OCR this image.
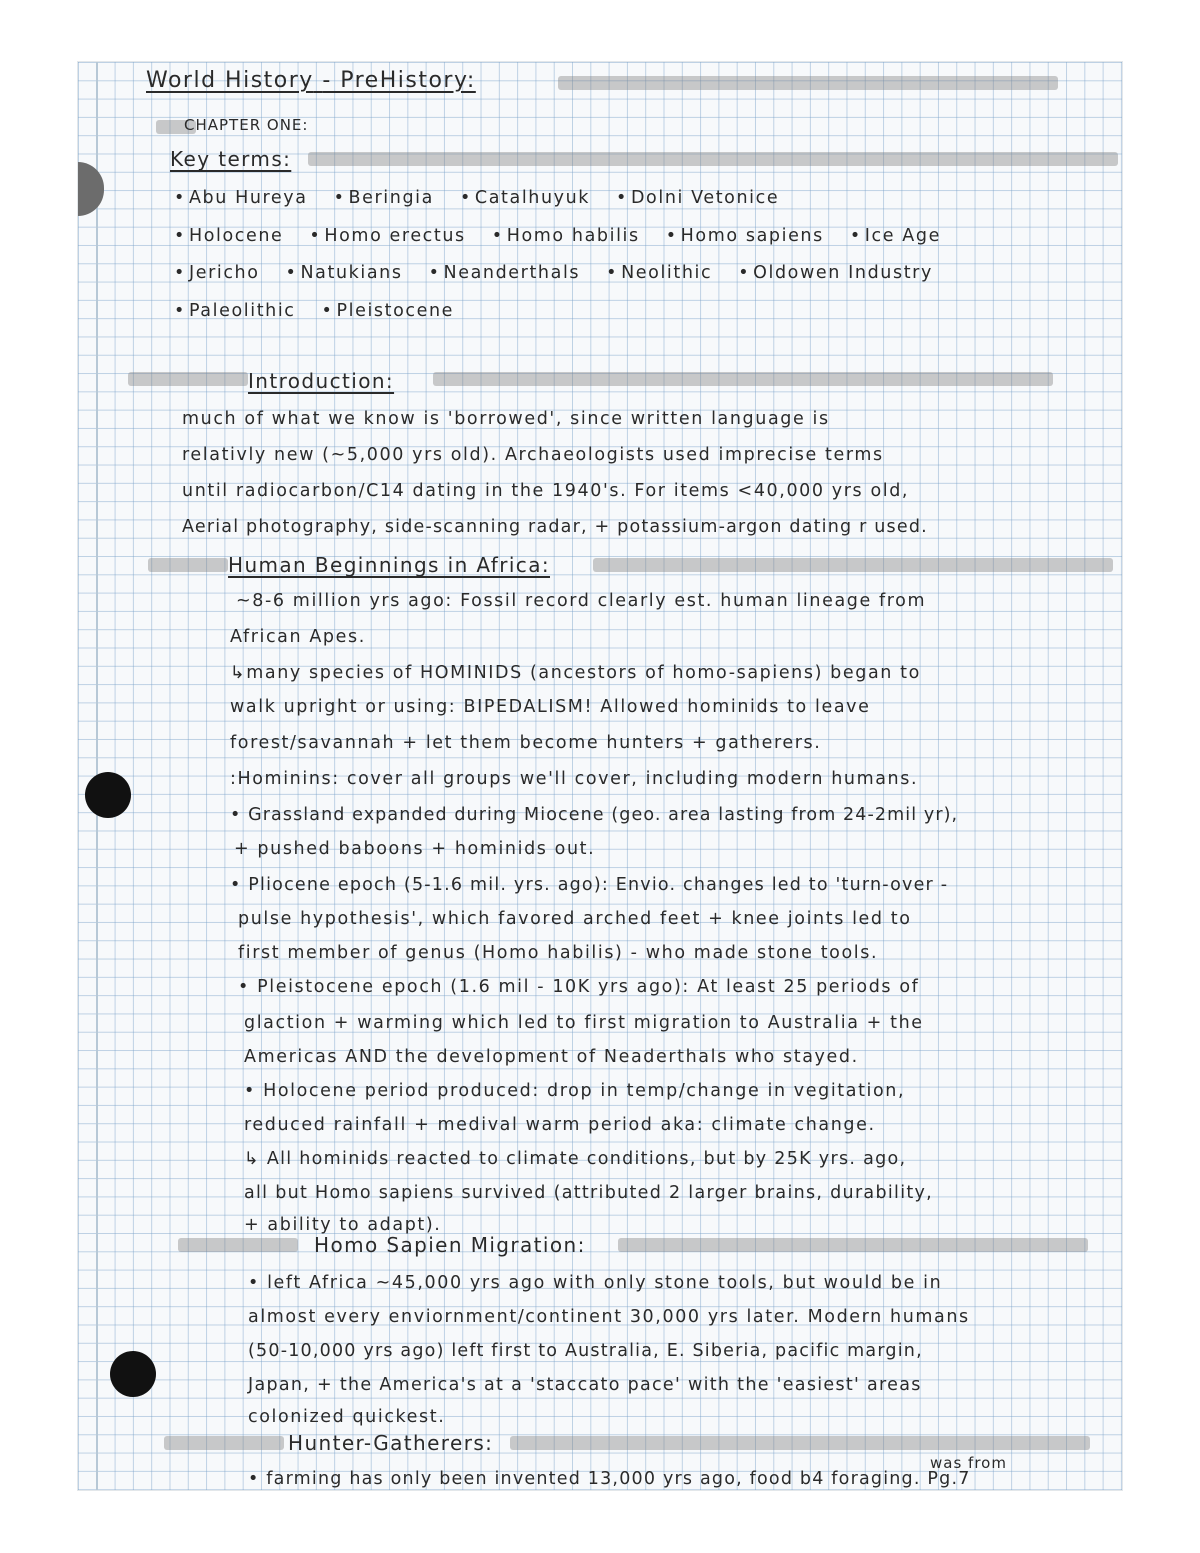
World History - PreHistory:
CHAPTER ONE:
Key terms:
• Abu Hureya • Beringia • Catalhuyuk • Dolni Vetonice
• Holocene • Homo erectus • Homo habilis • Homo sapiens • Ice Age
• Jericho • Natukians • Neanderthals • Neolithic • Oldowen Industry
• Paleolithic • Pleistocene
Introduction:
much of what we know is 'borrowed', since written language is
relativly new (~5,000 yrs old). Archaeologists used imprecise terms
until radiocarbon/C14 dating in the 1940's. For items <40,000 yrs old,
Aerial photography, side-scanning radar, + potassium-argon dating r used.
Human Beginnings in Africa:
~8-6 million yrs ago: Fossil record clearly est. human lineage from
African Apes.
↳many species of HOMINIDS (ancestors of homo-sapiens) began to
walk upright or using: BIPEDALISM! Allowed hominids to leave
forest/savannah + let them become hunters + gatherers.
:Hominins: cover all groups we'll cover, including modern humans.
• Grassland expanded during Miocene (geo. area lasting from 24-2mil yr),
+ pushed baboons + hominids out.
• Pliocene epoch (5-1.6 mil. yrs. ago): Envio. changes led to 'turn-over -
pulse hypothesis', which favored arched feet + knee joints led to
first member of genus (Homo habilis) - who made stone tools.
• Pleistocene epoch (1.6 mil - 10K yrs ago): At least 25 periods of
glaction + warming which led to first migration to Australia + the
Americas AND the development of Neaderthals who stayed.
• Holocene period produced: drop in temp/change in vegitation,
reduced rainfall + medival warm period aka: climate change.
↳ All hominids reacted to climate conditions, but by 25K yrs. ago,
all but Homo sapiens survived (attributed 2 larger brains, durability,
+ ability to adapt).
Homo Sapien Migration:
• left Africa ~45,000 yrs ago with only stone tools, but would be in
almost every enviornment/continent 30,000 yrs later. Modern humans
(50-10,000 yrs ago) left first to Australia, E. Siberia, pacific margin,
Japan, + the America's at a 'staccato pace' with the 'easiest' areas
colonized quickest.
Hunter-Gatherers:
was from
• farming has only been invented 13,000 yrs ago, food b4 foraging. Pg.7
